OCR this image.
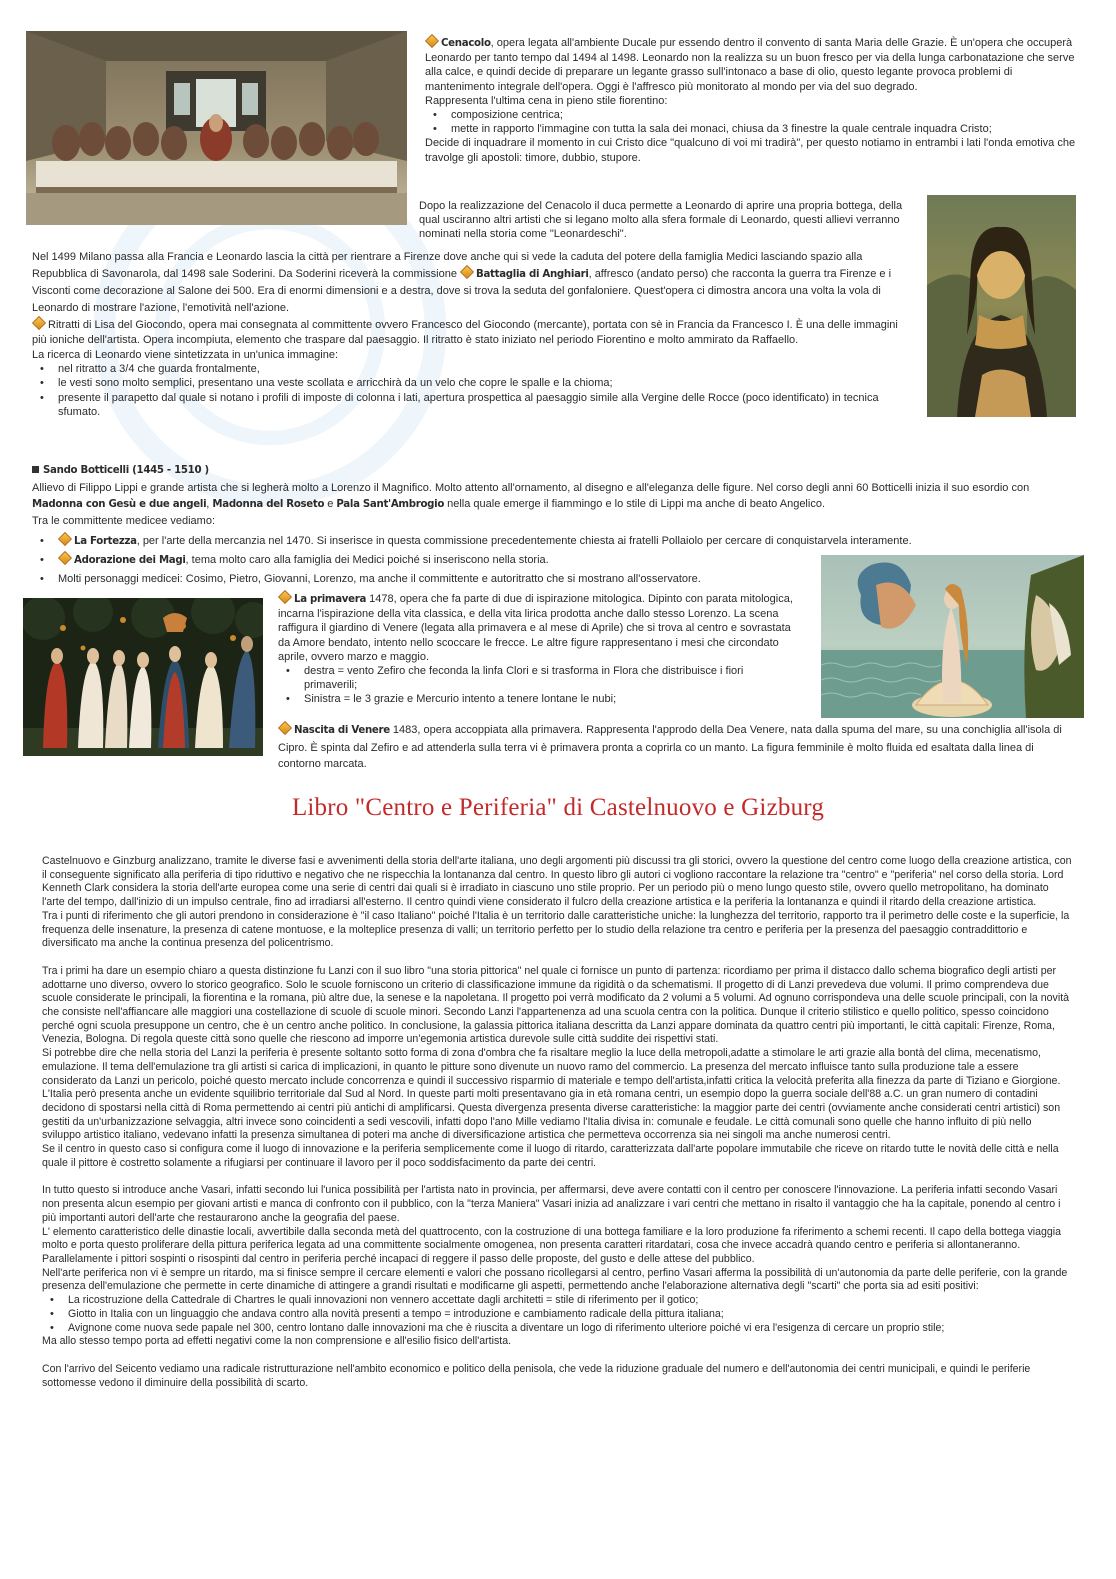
Cenacolo, opera legata all'ambiente Ducale pur essendo dentro il convento di santa Maria delle Grazie. È un'opera che occuperà Leonardo per tanto tempo dal 1494 al 1498. Leonardo non la realizza su un buon fresco per via della lunga carbonatazione che serve alla calce, e quindi decide di preparare un legante grasso sull'intonaco a base di olio, questo legante provoca problemi di mantenimento integrale dell'opera. Oggi è l'affresco più monitorato al mondo per via del suo degrado.

Rappresenta l'ultima cena in pieno stile fiorentino:

• composizione centrica;
• mette in rapporto l'immagine con tutta la sala dei monaci, chiusa da 3 finestre la quale centrale inquadra Cristo;

Decide di inquadrare il momento in cui Cristo dice "qualcuno di voi mi tradirà", per questo notiamo in entrambi i lati l'onda emotiva che travolge gli apostoli: timore, dubbio, stupore.

Dopo la realizzazione del Cenacolo il duca permette a Leonardo di aprire una propria bottega, della qual usciranno altri artisti che si legano molto alla sfera formale di Leonardo, questi allievi verranno nominati nella storia come "Leonardeschi".

Nel 1499 Milano passa alla Francia e Leonardo lascia la città per rientrare a Firenze dove anche qui si vede la caduta del potere della famiglia Medici lasciando spazio alla Repubblica di Savonarola, dal 1498 sale Soderini. Da Soderini riceverà la commissione Battaglia di Anghiari, affresco (andato perso) che racconta la guerra tra Firenze e i Visconti come decorazione al Salone dei 500. Era di enormi dimensioni e a destra, dove si trova la seduta del gonfaloniere. Quest'opera ci dimostra ancora una volta la vola di Leonardo di mostrare l'azione, l'emotività nell'azione.

Ritratti di Lisa del Giocondo, opera mai consegnata al committente ovvero Francesco del Giocondo (mercante), portata con sè in Francia da Francesco I. È una delle immagini più ioniche dell'artista. Opera incompiuta, elemento che traspare dal paesaggio. Il ritratto è stato iniziato nel periodo Fiorentino e molto ammirato da Raffaello.

La ricerca di Leonardo viene sintetizzata in un'unica immagine:

• nel ritratto a 3/4 che guarda frontalmente,
• le vesti sono molto semplici, presentano una veste scollata e arricchirà da un velo che copre le spalle e la chioma;
• presente il parapetto dal quale si notano i profili di imposte di colonna i lati, apertura prospettica al paesaggio simile alla Vergine delle Rocce (poco identificato) in tecnica sfumato.

Sando Botticelli (1445 - 1510 )

Allievo di Filippo Lippi e grande artista che si legherà molto a Lorenzo il Magnifico. Molto attento all'ornamento, al disegno e all'eleganza delle figure. Nel corso degli anni 60 Botticelli inizia il suo esordio con Madonna con Gesù e due angeli, Madonna del Roseto e Pala Sant'Ambrogio nella quale emerge il fiammingo e lo stile di Lippi ma anche di beato Angelico.

Tra le committente medicee vediamo:

• La Fortezza, per l'arte della mercanzia nel 1470. Si inserisce in questa commissione precedentemente chiesta ai fratelli Pollaiolo per cercare di conquistarvela interamente.
• Adorazione dei Magi, tema molto caro alla famiglia dei Medici poiché si inseriscono nella storia.
• Molti personaggi medicei: Cosimo, Pietro, Giovanni, Lorenzo, ma anche il committente e autoritratto che si mostrano all'osservatore.

La primavera 1478, opera che fa parte di due di ispirazione mitologica. Dipinto con parata mitologica, incarna l'ispirazione della vita classica, e della vita lirica prodotta anche dallo stesso Lorenzo. La scena raffigura il giardino di Venere (legata alla primavera e al mese di Aprile) che si trova al centro e sovrastata da Amore bendato, intento nello scoccare le frecce. Le altre figure rappresentano i mesi che circondato aprile, ovvero marzo e maggio.

• destra = vento Zefiro che feconda la linfa Clori e si trasforma in Flora che distribuisce i fiori primaverili;
• Sinistra = le 3 grazie e Mercurio intento a tenere lontane le nubi;

Nascita di Venere 1483, opera accoppiata alla primavera. Rappresenta l'approdo della Dea Venere, nata dalla spuma del mare, su una conchiglia all'isola di Cipro. È spinta dal Zefiro e ad attenderla sulla terra vi è primavera pronta a coprirla co un manto. La figura femminile è molto fluida ed esaltata dalla linea di contorno marcata.

Libro "Centro e Periferia" di Castelnuovo e Gizburg

Castelnuovo e Ginzburg analizzano, tramite le diverse fasi e avvenimenti della storia dell'arte italiana, uno degli argomenti più discussi tra gli storici, ovvero la questione del centro come luogo della creazione artistica, con il conseguente significato alla periferia di tipo riduttivo e negativo che ne rispecchia la lontananza dal centro. In questo libro gli autori ci vogliono raccontare la relazione tra "centro" e "periferia" nel corso della storia. Lord Kenneth Clark considera la storia dell'arte europea come una serie di centri dai quali si è irradiato in ciascuno uno stile proprio. Per un periodo più o meno lungo questo stile, ovvero quello metropolitano, ha dominato l'arte del tempo, dall'inizio di un impulso centrale, fino ad irradiarsi all'esterno. Il centro quindi viene considerato il fulcro della creazione artistica e la periferia la lontananza e quindi il ritardo della creazione artistica.

Tra i punti di riferimento che gli autori prendono in considerazione è "il caso Italiano" poiché l'Italia è un territorio dalle caratteristiche uniche: la lunghezza del territorio, rapporto tra il perimetro delle coste e la superficie, la frequenza delle insenature, la presenza di catene montuose, e la molteplice presenza di valli; un territorio perfetto per lo studio della relazione tra centro e periferia per la presenza del paesaggio contraddittorio e diversificato ma anche la continua presenza del policentrismo.

Tra i primi ha dare un esempio chiaro a questa distinzione fu Lanzi con il suo libro "una storia pittorica" nel quale ci fornisce un punto di partenza: ricordiamo per prima il distacco dallo schema biografico degli artisti per adottarne uno diverso, ovvero lo storico geografico. Solo le scuole forniscono un criterio di classificazione immune da rigidità o da schematismi. Il progetto di di Lanzi prevedeva due volumi. Il primo comprendeva due scuole considerate le principali, la fiorentina e la romana, più altre due, la senese e la napoletana. Il progetto poi verrà modificato da 2 volumi a 5 volumi. Ad ognuno corrispondeva una delle scuole principali, con la novità che consiste nell'affiancare alle maggiori una costellazione di scuole di scuole minori. Secondo Lanzi l'appartenenza ad una scuola centra con la politica. Dunque il criterio stilistico e quello politico, spesso coincidono perché ogni scuola presuppone un centro, che è un centro anche politico. In conclusione, la galassia pittorica italiana descritta da Lanzi appare dominata da quattro centri più importanti, le città capitali: Firenze, Roma, Venezia, Bologna. Di regola queste città sono quelle che riescono ad imporre un'egemonia artistica durevole sulle città suddite dei rispettivi stati.

Si potrebbe dire che nella storia del Lanzi la periferia è presente soltanto sotto forma di zona d'ombra che fa risaltare meglio la luce della metropoli,adatte a stimolare le arti grazie alla bontà del clima, mecenatismo, emulazione. Il tema dell'emulazione tra gli artisti si carica di implicazioni, in quanto le pitture sono divenute un nuovo ramo del commercio. La presenza del mercato influisce tanto sulla produzione tale a essere considerato da Lanzi un pericolo, poiché questo mercato include concorrenza e quindi il successivo risparmio di materiale e tempo dell'artista,infatti critica la velocità preferita alla finezza da parte di Tiziano e Giorgione.

L'Italia però presenta anche un evidente squilibrio territoriale dal Sud al Nord. In queste parti molti presentavano gia in età romana centri, un esempio dopo la guerra sociale dell'88 a.C. un gran numero di contadini decidono di spostarsi nella città di Roma permettendo ai centri più antichi di amplificarsi. Questa divergenza presenta diverse caratteristiche: la maggior parte dei centri (ovviamente anche considerati centri artistici) son gestiti da un'urbanizzazione selvaggia, altri invece sono coincidenti a sedi vescovili, infatti dopo l'ano Mille vediamo l'Italia divisa in: comunale e feudale. Le città comunali sono quelle che hanno influito di più nello sviluppo artistico italiano, vedevano infatti la presenza simultanea di poteri ma anche di diversificazione artistica che permetteva occorrenza sia nei singoli ma anche numerosi centri.

Se il centro in questo caso si configura come il luogo di innovazione e la periferia semplicemente come il luogo di ritardo, caratterizzata dall'arte popolare immutabile che riceve on ritardo tutte le novità delle città e nella quale il pittore è costretto solamente a rifugiarsi per continuare il lavoro per il poco soddisfacimento da parte dei centri.

In tutto questo si introduce anche Vasari, infatti secondo lui l'unica possibilità per l'artista nato in provincia, per affermarsi, deve avere contatti con il centro per conoscere l'innovazione. La periferia infatti secondo Vasari non presenta alcun esempio per giovani artisti e manca di confronto con il pubblico, con la "terza Maniera" Vasari inizia ad analizzare i vari centri che mettano in risalto il vantaggio che ha la capitale, ponendo al centro i più importanti autori dell'arte che restaurarono anche la geografia del paese.

L' elemento caratteristico delle dinastie locali, avvertibile dalla seconda metà del quattrocento, con la costruzione di una bottega familiare e la loro produzione fa riferimento a schemi recenti. Il capo della bottega viaggia molto e porta questo proliferare della pittura periferica legata ad una committente socialmente omogenea, non presenta caratteri ritardatari, cosa che invece accadrà quando centro e periferia si allontaneranno. Parallelamente i pittori sospinti o risospinti dal centro in periferia perché incapaci di reggere il passo delle proposte, del gusto e delle attese del pubblico.

Nell'arte periferica non vi è sempre un ritardo, ma si finisce sempre il cercare elementi e valori che possano ricollegarsi al centro, perfino Vasari afferma la possibilità di un'autonomia da parte delle periferie, con la grande presenza dell'emulazione che permette in certe dinamiche di attingere a grandi risultati e modificarne gli aspetti, permettendo anche l'elaborazione alternativa degli "scarti" che porta sia ad esiti positivi:

• La ricostruzione della Cattedrale di Chartres le quali innovazioni non vennero accettate dagli architetti = stile di riferimento per il gotico;
• Giotto in Italia con un linguaggio che andava contro alla novità presenti a tempo = introduzione e cambiamento radicale della pittura italiana;
• Avignone come nuova sede papale nel 300, centro lontano dalle innovazioni ma che è riuscita a diventare un logo di riferimento ulteriore poiché vi era l'esigenza di cercare un proprio stile;

Ma allo stesso tempo porta ad effetti negativi come la non comprensione e all'esilio fisico dell'artista.

Con l'arrivo del Seicento vediamo una radicale ristrutturazione nell'ambito economico e politico della penisola, che vede la riduzione graduale del numero e dell'autonomia dei centri municipali, e quindi le periferie sottomesse vedono il diminuire della possibilità di scarto.
